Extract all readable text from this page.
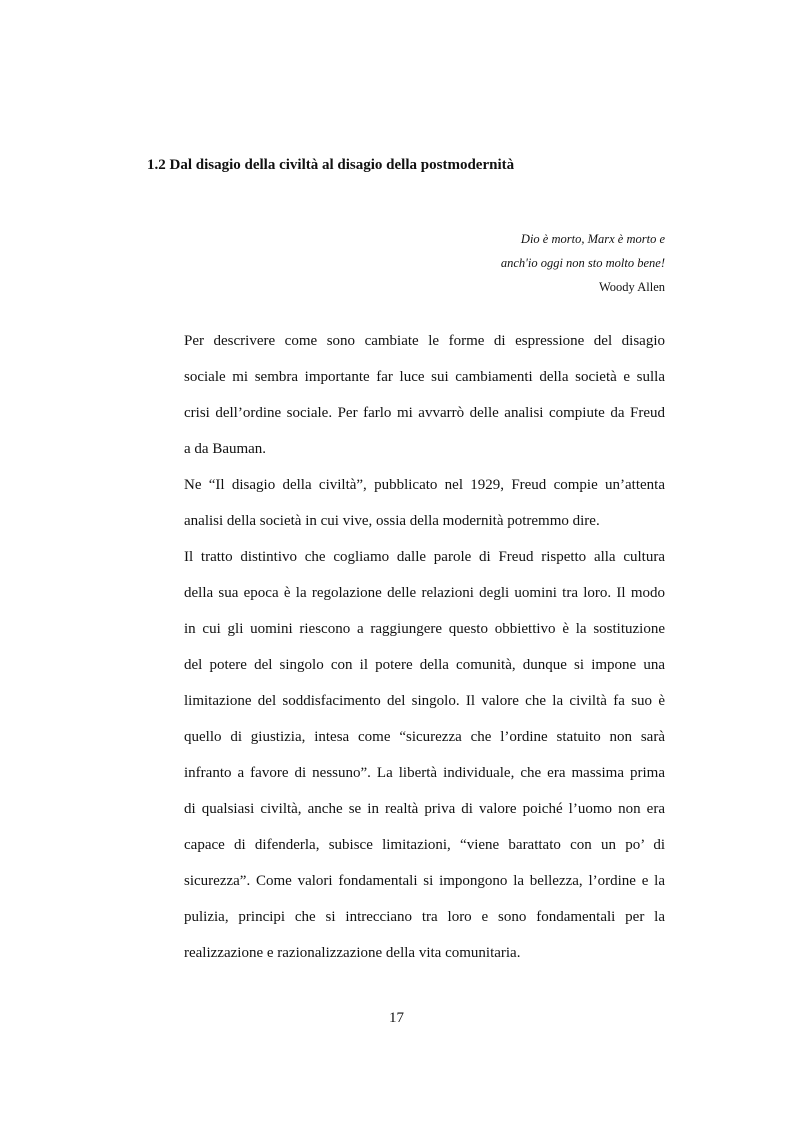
1.2 Dal disagio della civiltà al disagio della postmodernità
Dio è morto, Marx è morto e
anch'io oggi non sto molto bene!
Woody Allen
Per descrivere come sono cambiate le forme di espressione del disagio
sociale mi sembra importante far luce sui cambiamenti della società e sulla
crisi dell’ordine sociale. Per farlo mi avvarrò delle analisi compiute da Freud
a da Bauman.
Ne “Il disagio della civiltà”, pubblicato nel 1929, Freud compie un’attenta
analisi della società in cui vive, ossia della modernità potremmo dire.
Il tratto distintivo che cogliamo dalle parole di Freud rispetto alla cultura
della sua epoca è la regolazione delle relazioni degli uomini tra loro. Il modo
in cui gli uomini riescono a raggiungere questo obbiettivo è la sostituzione
del potere del singolo con il potere della comunità, dunque si impone una
limitazione del soddisfacimento del singolo. Il valore che la civiltà fa suo è
quello di giustizia, intesa come “sicurezza che l’ordine statuito non sarà
infranto a favore di nessuno”. La libertà individuale, che era massima prima
di qualsiasi civiltà, anche se in realtà priva di valore poiché l’uomo non era
capace di difenderla, subisce limitazioni, “viene barattato con un po’ di
sicurezza”. Come valori fondamentali si impongono la bellezza, l’ordine e la
pulizia, principi che si intrecciano tra loro e sono fondamentali per la
realizzazione e razionalizzazione della vita comunitaria.
17
